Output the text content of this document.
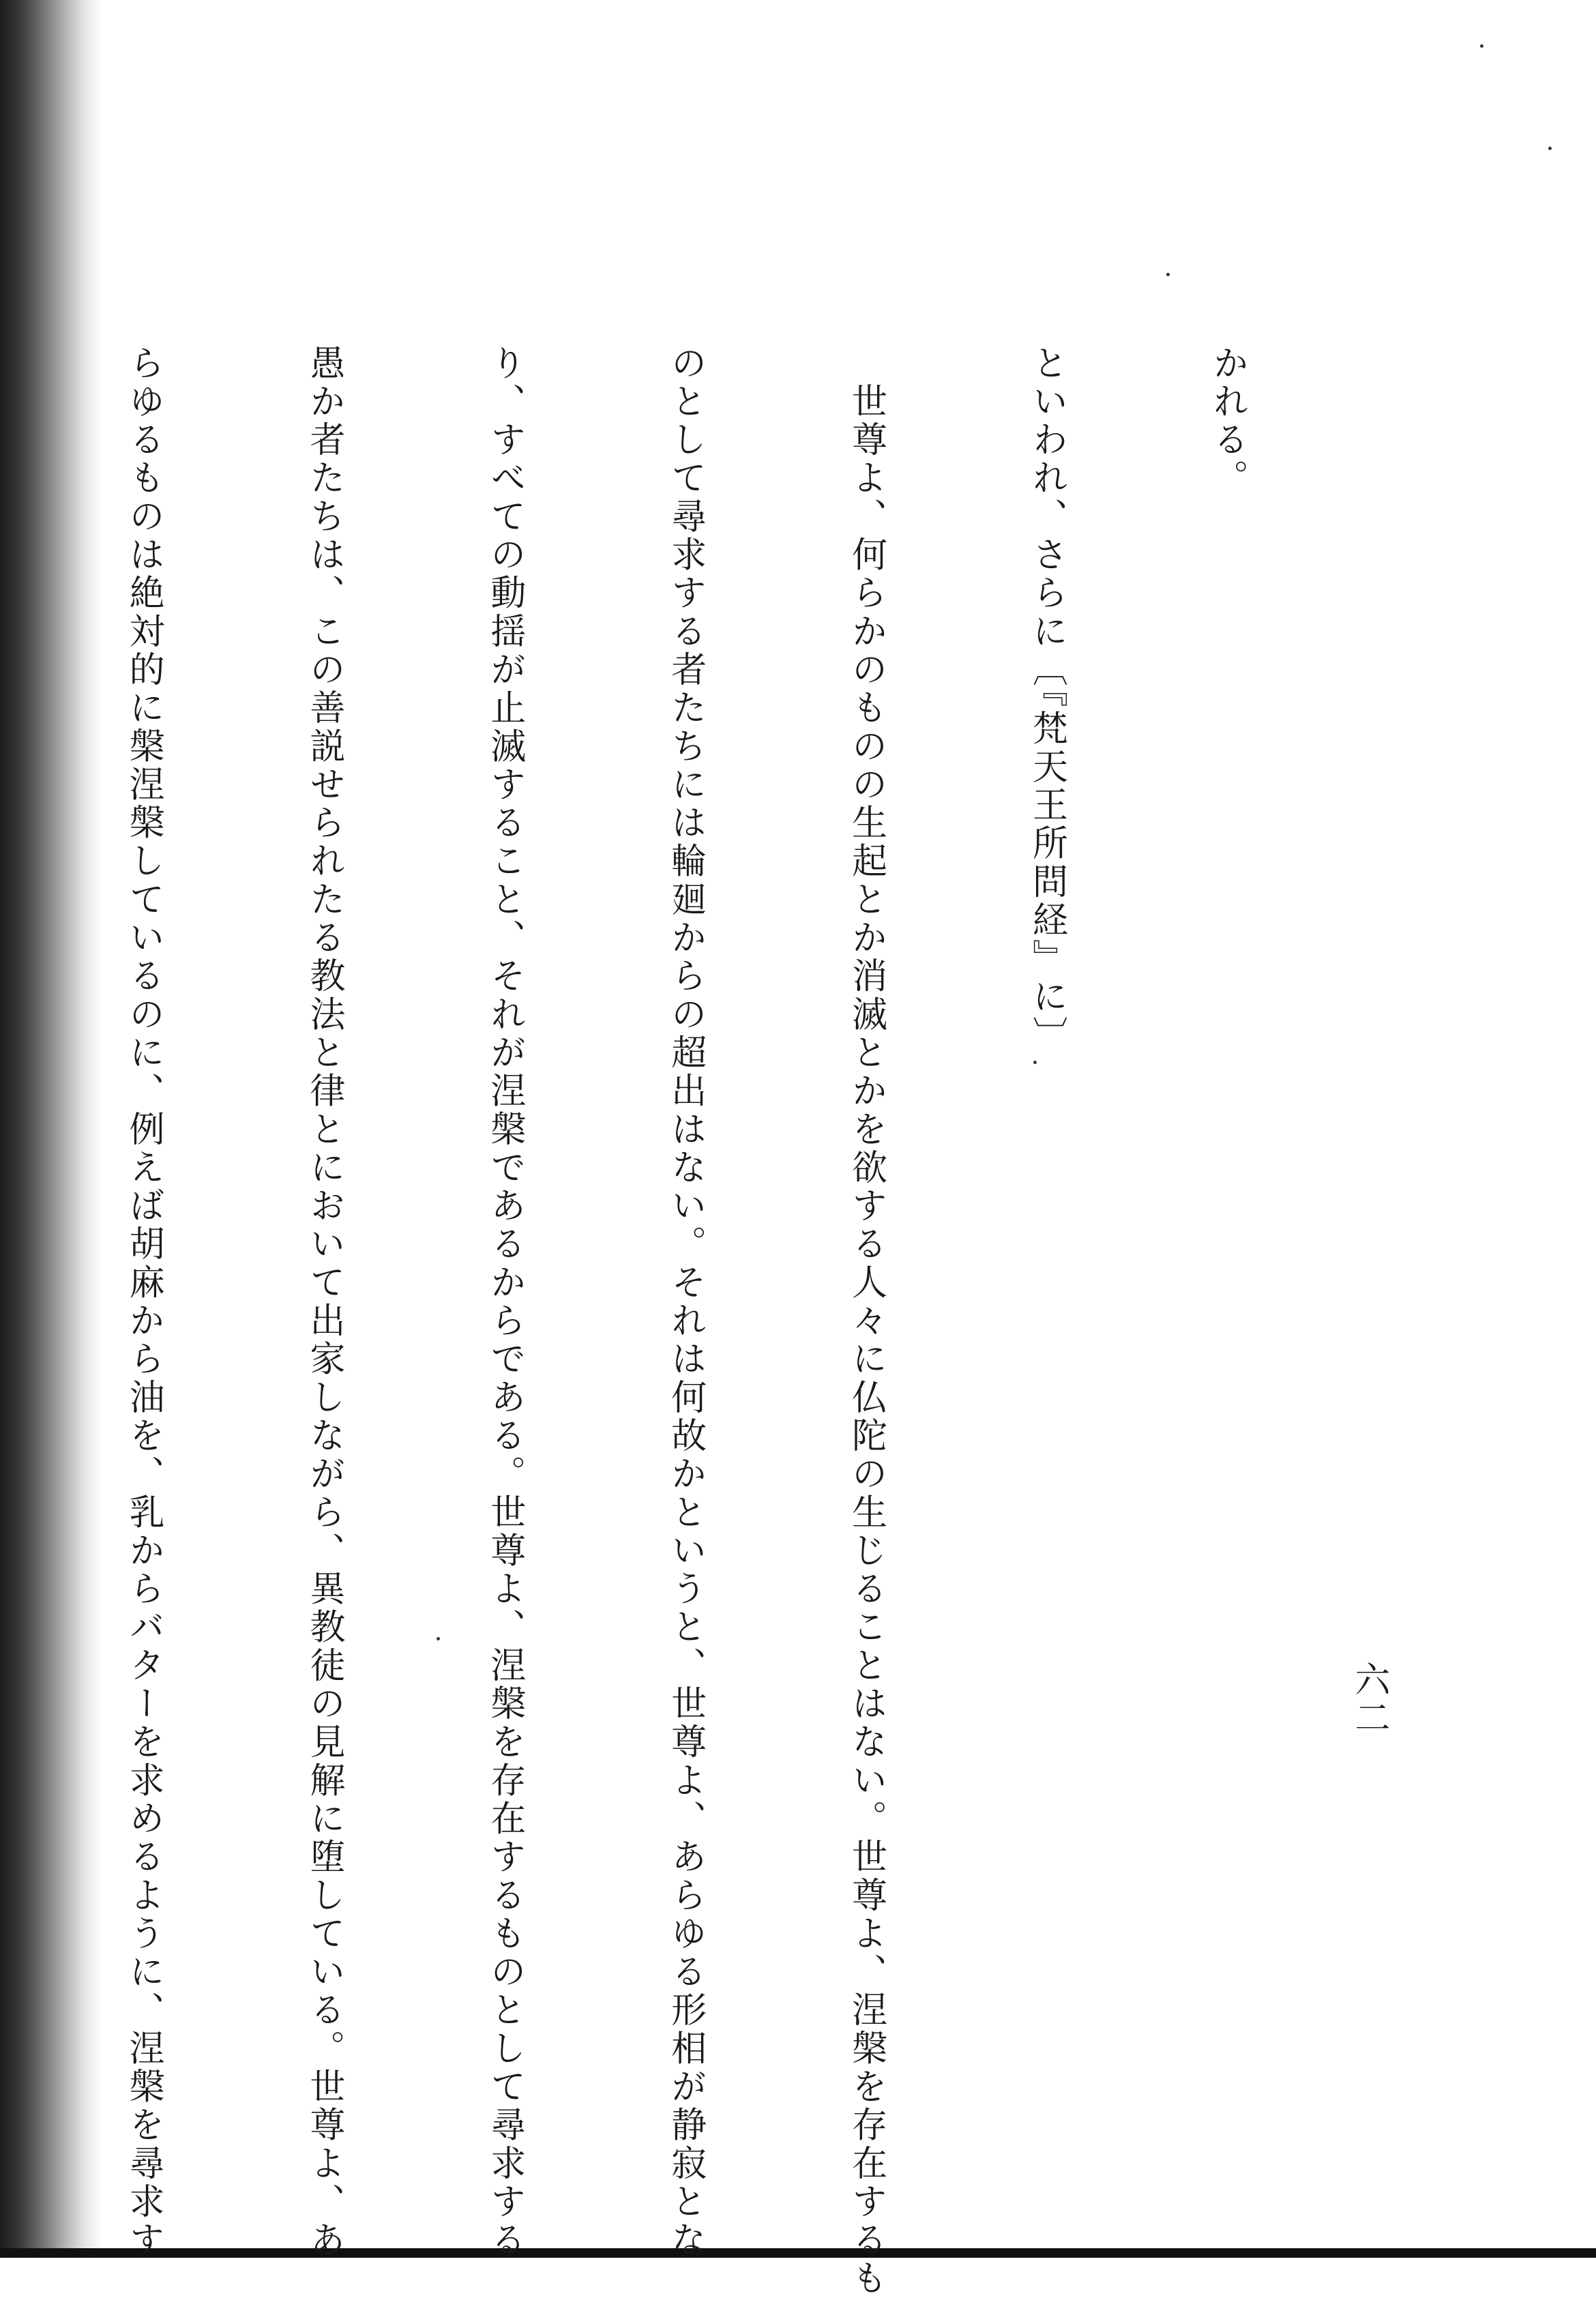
六二

かれる。

といわれ、さらに〔『梵天王所問経』に〕

　世尊よ、何らかのものの生起とか消滅とかを欲する人々に仏陀の生じることはない。世尊よ、涅槃を存在するも

のとして尋求する者たちには輪廻からの超出はない。それは何故かというと、世尊よ、あらゆる形相が静寂とな

り、すべての動揺が止滅すること、それが涅槃であるからである。世尊よ、涅槃を存在するものとして尋求する

愚か者たちは、この善説せられたる教法と律とにおいて出家しながら、異教徒の見解に堕している。世尊よ、あ

らゆるものは絶対的に槃涅槃しているのに、例えば胡麻から油を、乳からバターを求めるように、涅槃を尋求す
